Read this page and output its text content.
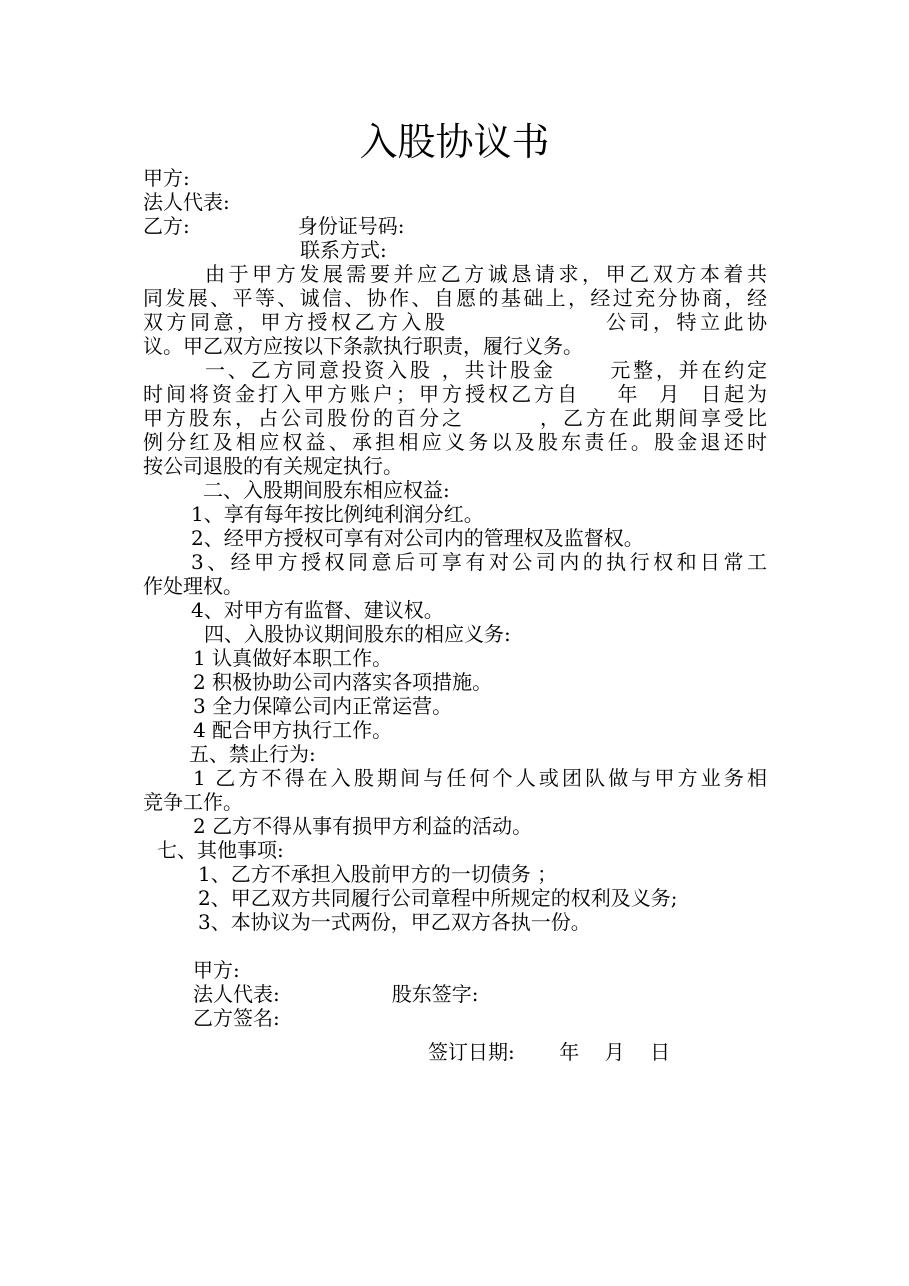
入股协议书
甲方:
法人代表:
乙方:	身份证号码:
联系方式:
由于甲方发展需要并应乙方诚恳请求，甲乙双方本着共
同发展、平等、诚信、协作、自愿的基础上，经过充分协商，经
双方同意，甲方授权乙方入股                公司，特立此协
议。甲乙双方应按以下条款执行职责，履行义务。
一、乙方同意投资入股 ，共计股金      元整，并在约定
时间将资金打入甲方账户；甲方授权乙方自    年  月  日起为
甲方股东，占公司股份的百分之        ，乙方在此期间享受比
例分红及相应权益、承担相应义务以及股东责任。股金退还时
按公司退股的有关规定执行。
二、入股期间股东相应权益:
1、享有每年按比例纯利润分红。
2、经甲方授权可享有对公司内的管理权及监督权。
3、经甲方授权同意后可享有对公司内的执行权和日常工
作处理权。
4、对甲方有监督、建议权。
四、入股协议期间股东的相应义务:
1 认真做好本职工作。
2 积极协助公司内落实各项措施。
3 全力保障公司内正常运营。
4 配合甲方执行工作。
五、禁止行为:
1 乙方不得在入股期间与任何个人或团队做与甲方业务相
竞争工作。
2 乙方不得从事有损甲方利益的活动。
七、其他事项:
1、乙方不承担入股前甲方的一切债务 ；
2、甲乙双方共同履行公司章程中所规定的权利及义务;
3、本协议为一式两份，甲乙双方各执一份。
甲方:
法人代表:	股东签字:
乙方签名:
签订日期:       年    月    日
